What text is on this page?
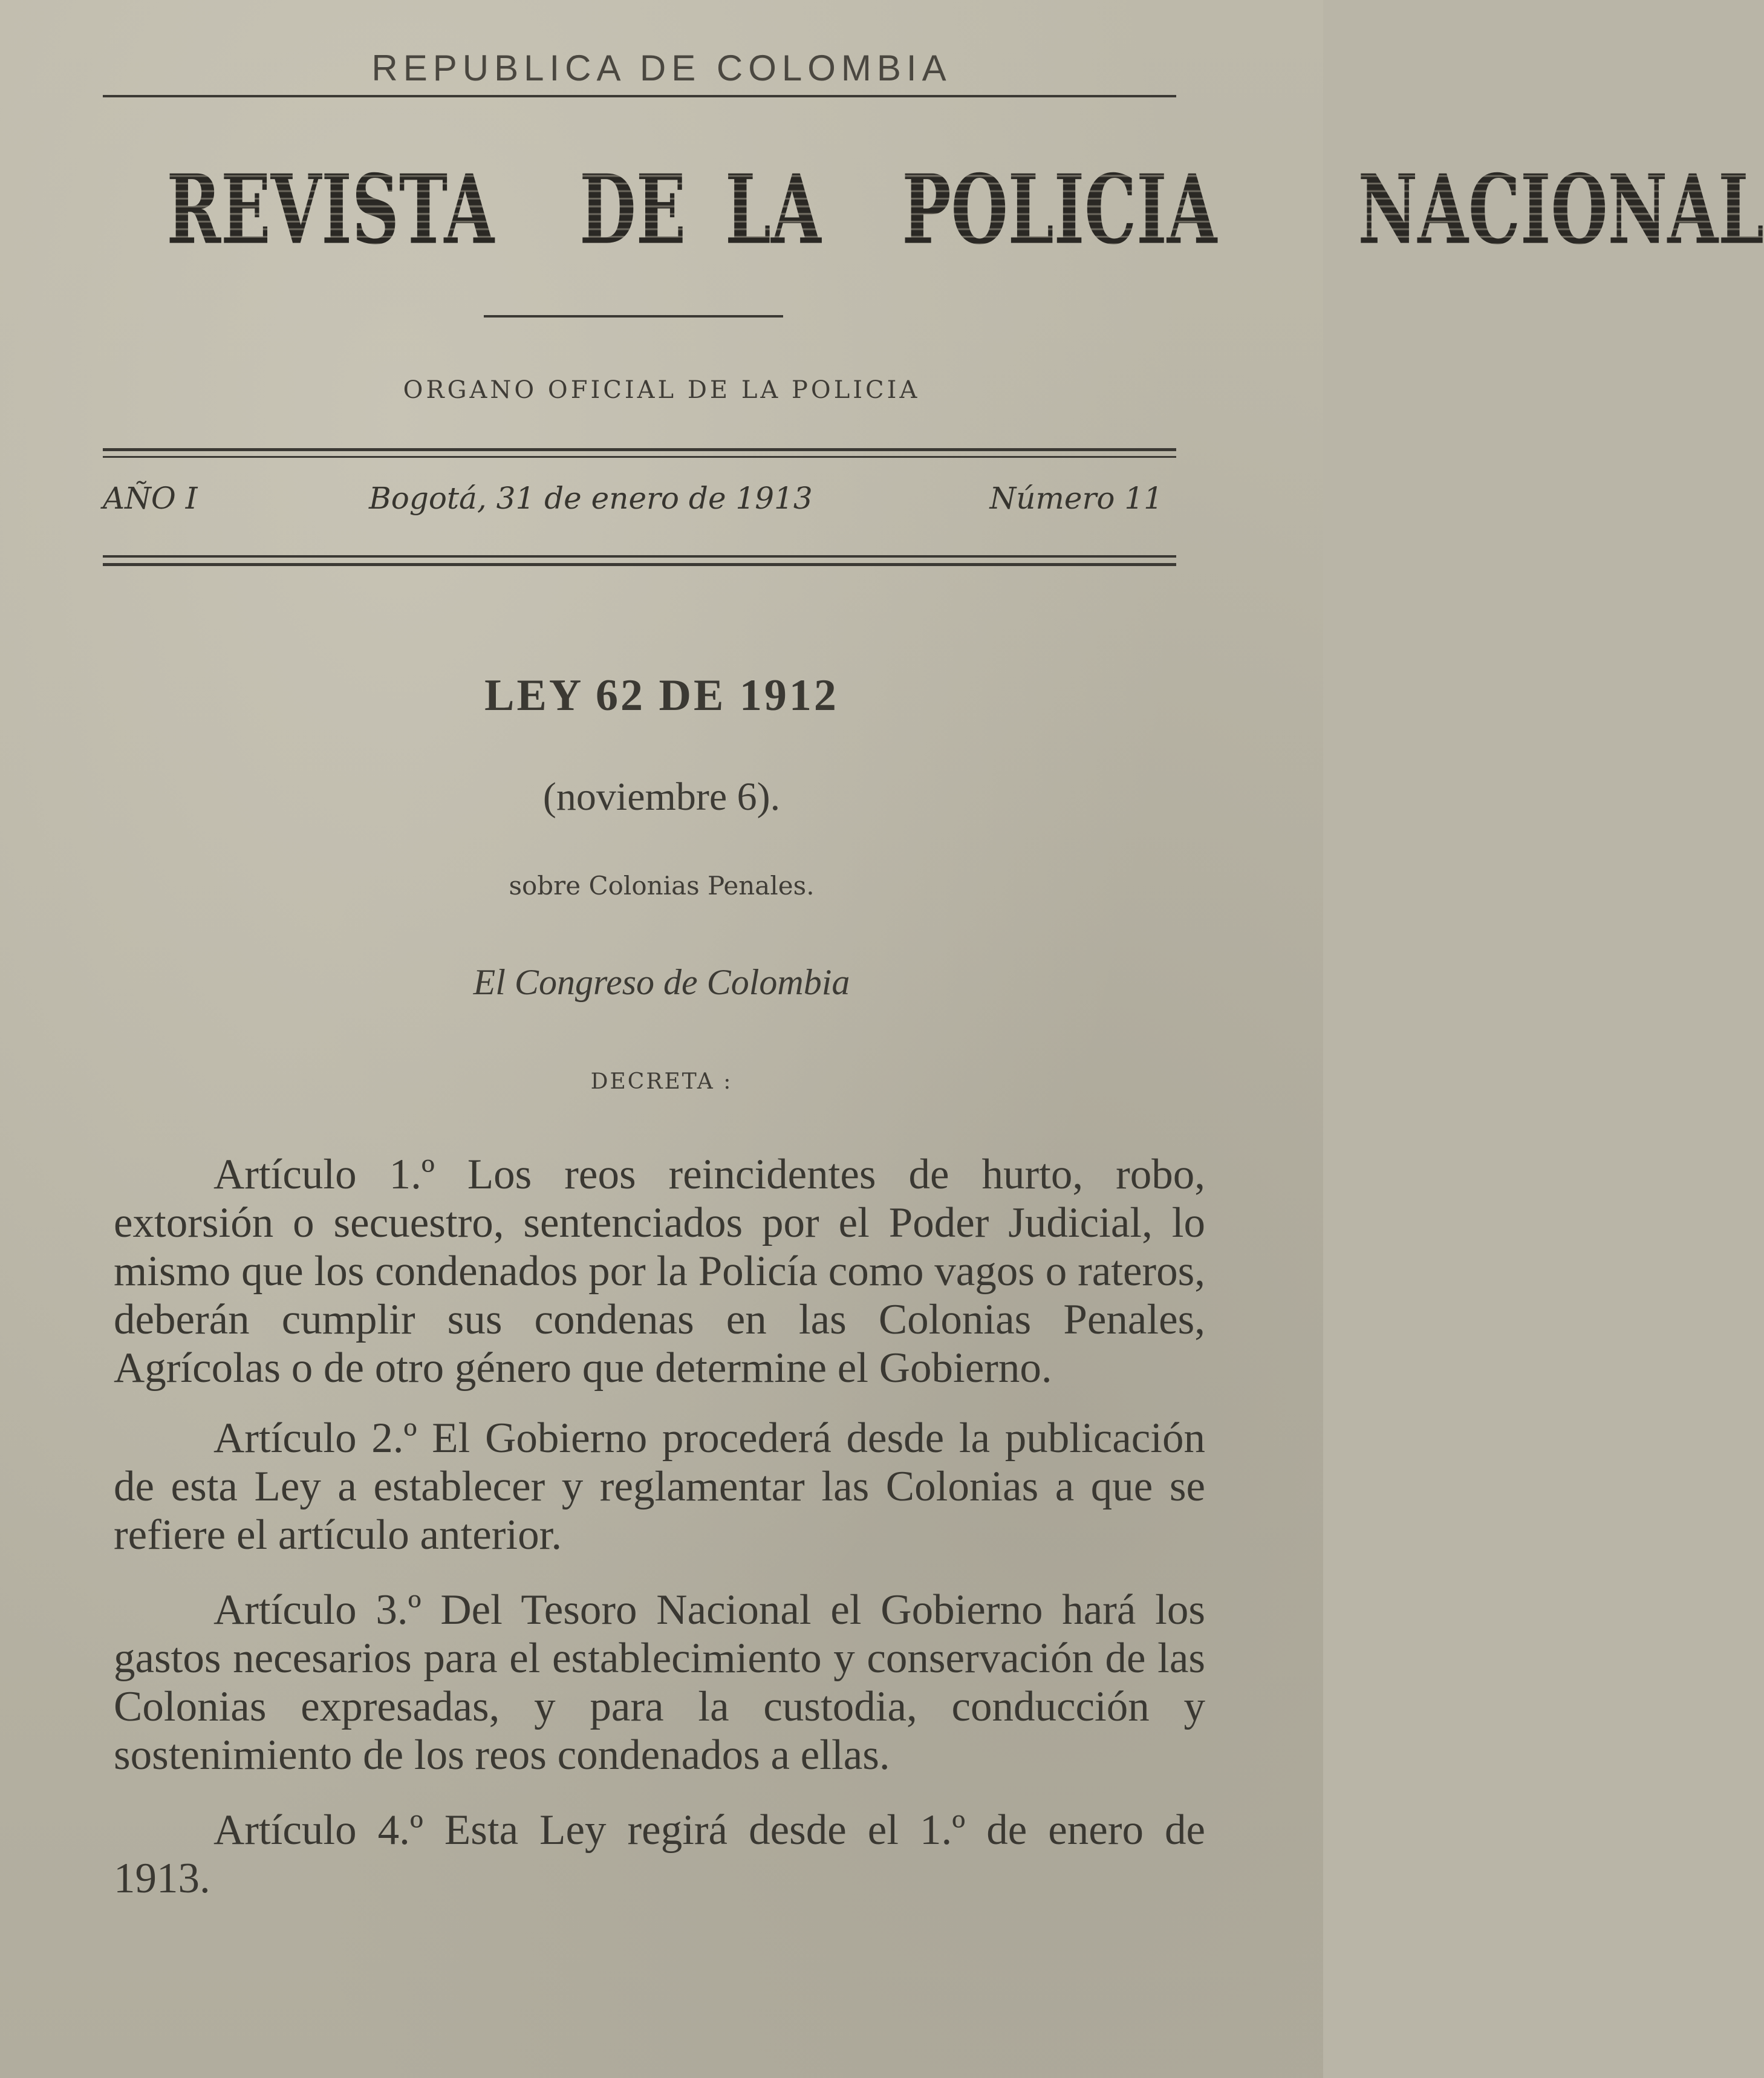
REPUBLICA DE COLOMBIA
REVISTA DE LA POLICIA NACIONAL
ORGANO OFICIAL DE LA POLICIA
AÑO I	Bogotá, 31 de enero de 1913	Número 11
LEY 62 DE 1912
(noviembre 6).
sobre Colonias Penales.
El Congreso de Colombia
DECRETA :

Artículo 1.º Los reos reincidentes de hurto, robo, extorsión o secuestro, sentenciados por el Poder Judicial, lo mismo que los condenados por la Policía como vagos o rateros, deberán cumplir sus condenas en las Colonias Penales, Agrícolas o de otro género que determine el Gobierno.

Artículo 2.º El Gobierno procederá desde la publicación de esta Ley a establecer y reglamentar las Colonias a que se refiere el artículo anterior.

Artículo 3.º Del Tesoro Nacional el Gobierno hará los gastos necesarios para el establecimiento y conservación de las Colonias expresadas, y para la custodia, conducción y sostenimiento de los reos condenados a ellas.

Artículo 4.º Esta Ley regirá desde el 1.º de enero de 1913.
